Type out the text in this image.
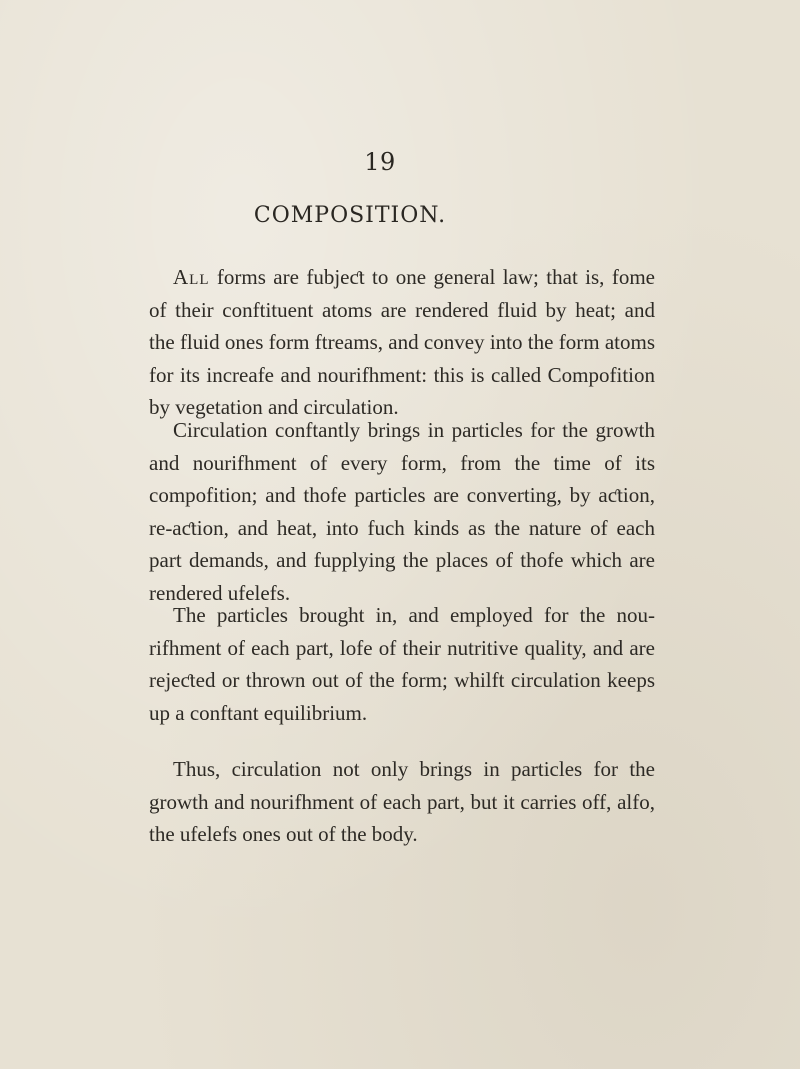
19
COMPOSITION.

All forms are fubjeƈt to one general law; that is, fome of their conftituent atoms are rendered fluid by heat; and the fluid ones form ftreams, and convey into the form atoms for its increafe and nourifhment: this is called Compofition by vegetation and circulation.

Circulation conftantly brings in particles for the growth and nourifhment of every form, from the time of its compofition; and thofe particles are converting, by aƈtion, re-aƈtion, and heat, into fuch kinds as the nature of each part demands, and fupplying the places of thofe which are rendered ufelefs.

The particles brought in, and employed for the nou-rifhment of each part, lofe of their nutritive quality, and are rejeƈted or thrown out of the form; whilft circulation keeps up a conftant equilibrium.

Thus, circulation not only brings in particles for the growth and nourifhment of each part, but it carries off, alfo, the ufelefs ones out of the body.
